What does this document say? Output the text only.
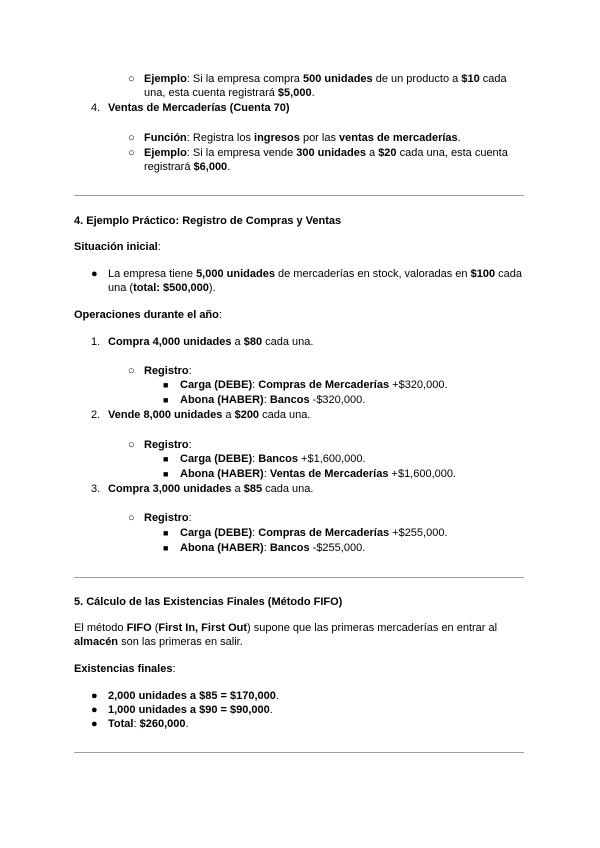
○ Ejemplo: Si la empresa compra 500 unidades de un producto a $10 cada
una, esta cuenta registrará $5,000.
4. Ventas de Mercaderías (Cuenta 70)
○ Función: Registra los ingresos por las ventas de mercaderías.
○ Ejemplo: Si la empresa vende 300 unidades a $20 cada una, esta cuenta
registrará $6,000.
4. Ejemplo Práctico: Registro de Compras y Ventas
Situación inicial:
● La empresa tiene 5,000 unidades de mercaderías en stock, valoradas en $100 cada
una (total: $500,000).
Operaciones durante el año:
1. Compra 4,000 unidades a $80 cada una.
○ Registro:
■ Carga (DEBE): Compras de Mercaderías +$320,000.
■ Abona (HABER): Bancos -$320,000.
2. Vende 8,000 unidades a $200 cada una.
○ Registro:
■ Carga (DEBE): Bancos +$1,600,000.
■ Abona (HABER): Ventas de Mercaderías +$1,600,000.
3. Compra 3,000 unidades a $85 cada una.
○ Registro:
■ Carga (DEBE): Compras de Mercaderías +$255,000.
■ Abona (HABER): Bancos -$255,000.
5. Cálculo de las Existencias Finales (Método FIFO)
El método FIFO (First In, First Out) supone que las primeras mercaderías en entrar al
almacén son las primeras en salir.
Existencias finales:
● 2,000 unidades a $85 = $170,000.
● 1,000 unidades a $90 = $90,000.
● Total: $260,000.
